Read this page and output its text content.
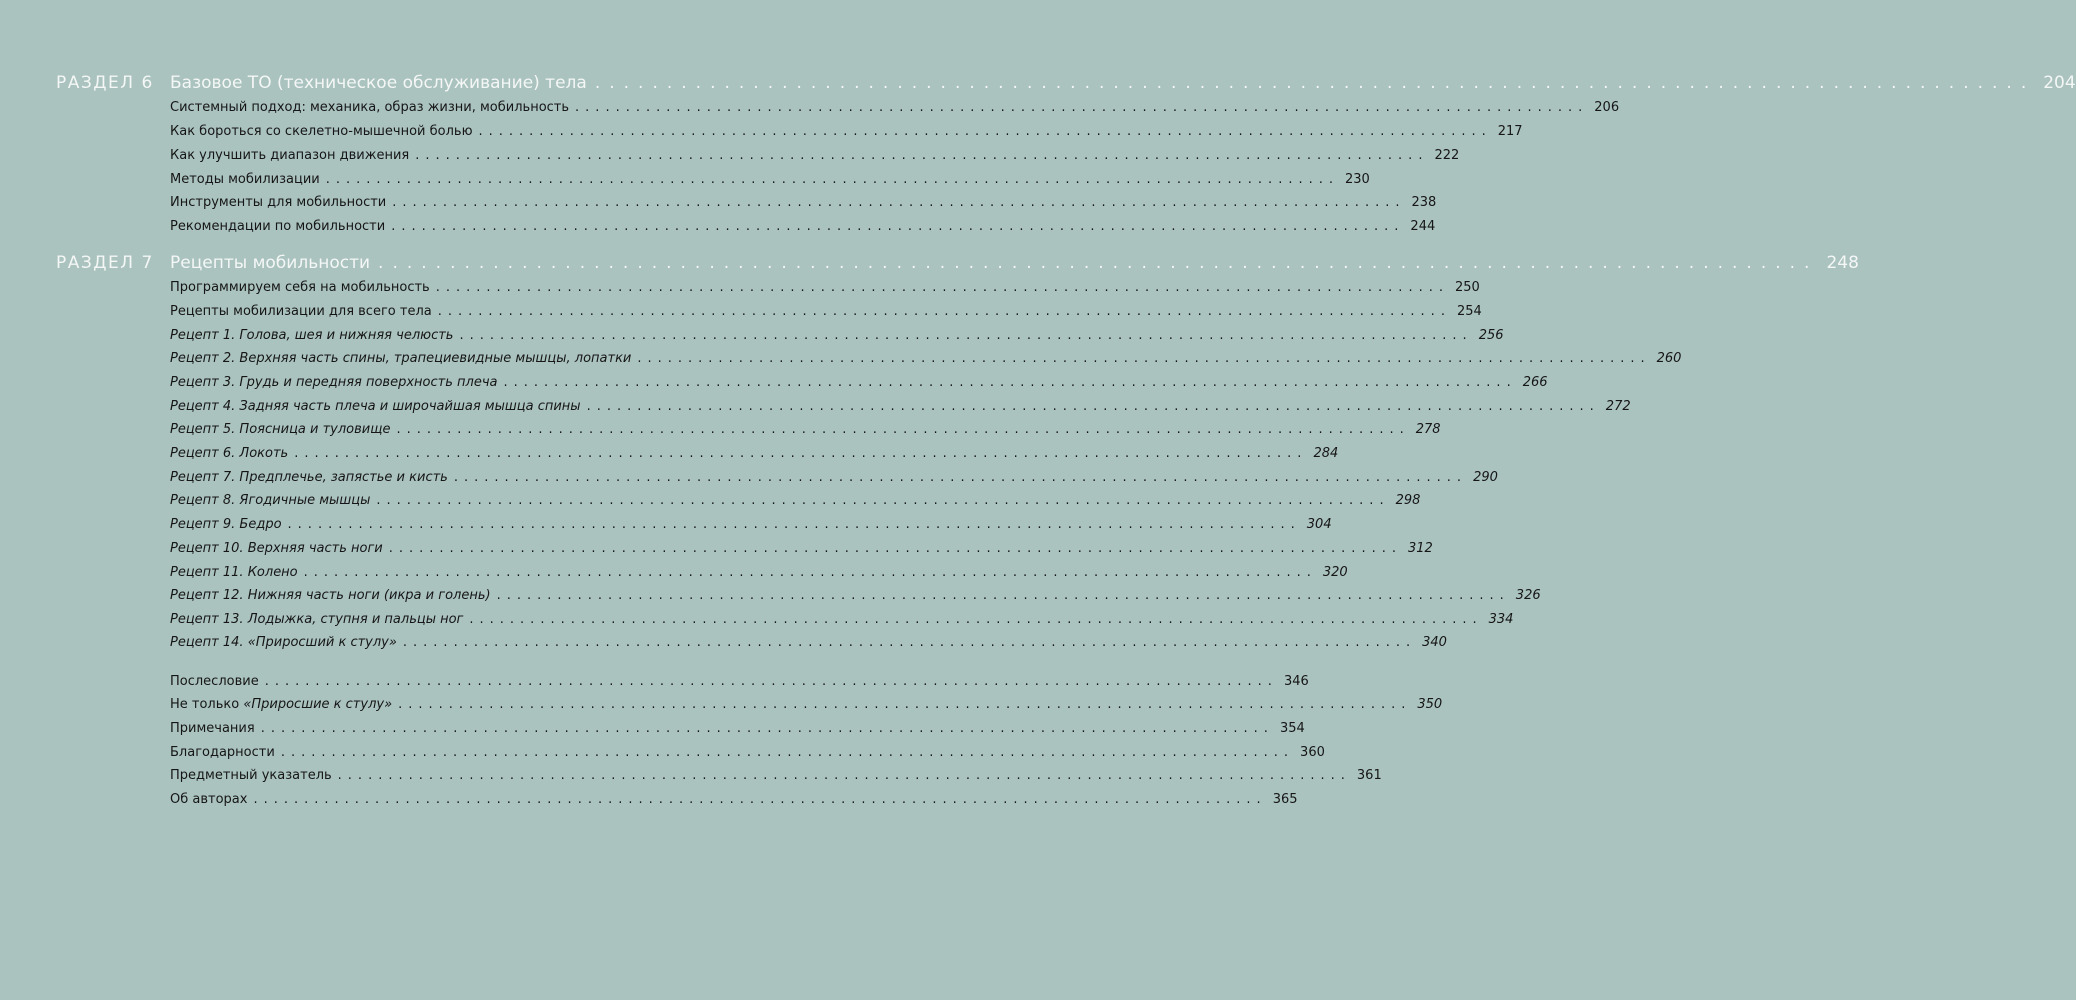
РАЗДЕЛ 6 Базовое ТО (техническое обслуживание) тела .................................................................................................... 204
Системный подход: механика, образ жизни, мобильность .................................................................................................... 206
Как бороться со скелетно-мышечной болью .................................................................................................... 217
Как улучшить диапазон движения .................................................................................................... 222
Методы мобилизации .................................................................................................... 230
Инструменты для мобильности .................................................................................................... 238
Рекомендации по мобильности .................................................................................................... 244
РАЗДЕЛ 7 Рецепты мобильности .................................................................................................... 248
Программируем себя на мобильность .................................................................................................... 250
Рецепты мобилизации для всего тела .................................................................................................... 254
Рецепт 1. Голова, шея и нижняя челюсть .................................................................................................... 256
Рецепт 2. Верхняя часть спины, трапециевидные мышцы, лопатки .................................................................................................... 260
Рецепт 3. Грудь и передняя поверхность плеча .................................................................................................... 266
Рецепт 4. Задняя часть плеча и широчайшая мышца спины .................................................................................................... 272
Рецепт 5. Поясница и туловище .................................................................................................... 278
Рецепт 6. Локоть .................................................................................................... 284
Рецепт 7. Предплечье, запястье и кисть .................................................................................................... 290
Рецепт 8. Ягодичные мышцы .................................................................................................... 298
Рецепт 9. Бедро .................................................................................................... 304
Рецепт 10. Верхняя часть ноги .................................................................................................... 312
Рецепт 11. Колено .................................................................................................... 320
Рецепт 12. Нижняя часть ноги (икра и голень) .................................................................................................... 326
Рецепт 13. Лодыжка, ступня и пальцы ног .................................................................................................... 334
Рецепт 14. «Приросший к стулу» .................................................................................................... 340
Послесловие .................................................................................................... 346
Не только «Приросшие к стулу» .................................................................................................... 350
Примечания .................................................................................................... 354
Благодарности .................................................................................................... 360
Предметный указатель .................................................................................................... 361
Об авторах .................................................................................................... 365
